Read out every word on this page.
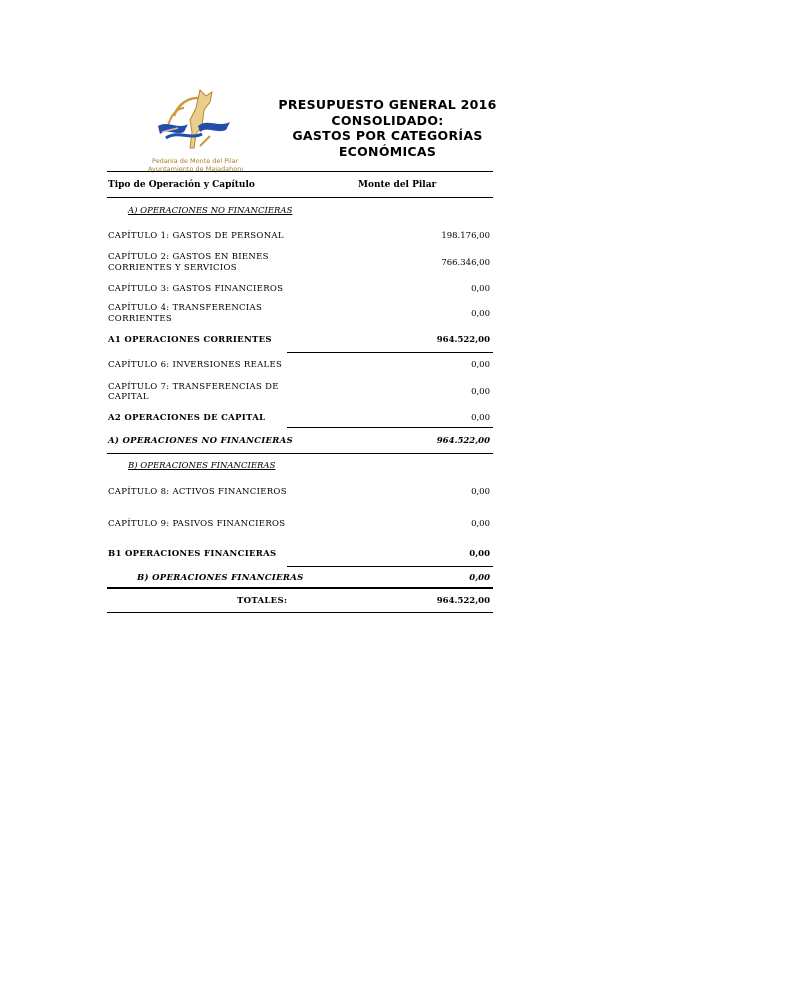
Pedanía de Monte del Pilar
Ayuntamiento de Majadahonda
PRESUPUESTO GENERAL 2016
CONSOLIDADO:
GASTOS POR CATEGORÍAS
ECONÓMICAS
Tipo de Operación y Capítulo	Monte del Pilar
A) OPERACIONES NO FINANCIERAS
CAPÍTULO 1: GASTOS DE PERSONAL	198.176,00
CAPÍTULO 2: GASTOS EN BIENES
CORRIENTES Y SERVICIOS	766.346,00
CAPÍTULO 3: GASTOS FINANCIEROS	0,00
CAPÍTULO 4: TRANSFERENCIAS
CORRIENTES	0,00
A1 OPERACIONES CORRIENTES	964.522,00
CAPÍTULO 6: INVERSIONES REALES	0,00
CAPÍTULO 7: TRANSFERENCIAS DE
CAPITAL	0,00
A2 OPERACIONES DE CAPITAL	0,00
A) OPERACIONES NO FINANCIERAS	964.522,00
B) OPERACIONES FINANCIERAS
CAPÍTULO 8: ACTIVOS FINANCIEROS	0,00
CAPÍTULO 9: PASIVOS FINANCIEROS	0,00
B1 OPERACIONES FINANCIERAS	0,00
B) OPERACIONES FINANCIERAS	0,00
TOTALES:	964.522,00
